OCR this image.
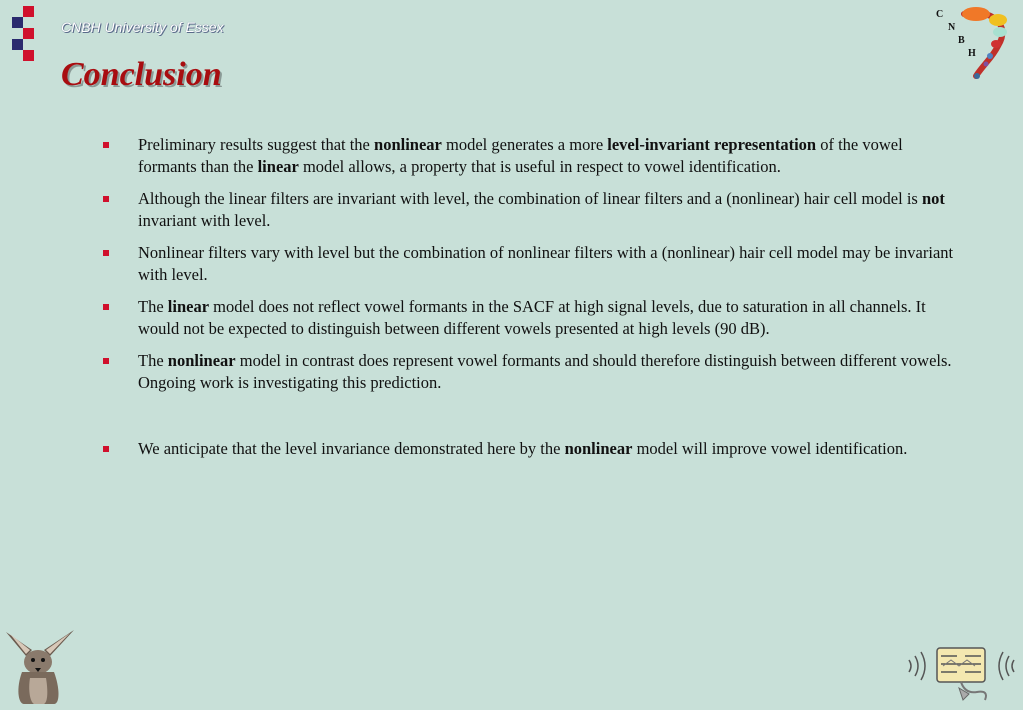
CNBH University of Essex
Conclusion
C
N
B
H
Preliminary results suggest that the nonlinear model generates a more level-invariant representation of the vowel formants than the linear model allows, a property that is useful in respect to vowel identification.
Although the linear filters are invariant with level, the combination of linear filters and a (nonlinear) hair cell model is not invariant with level.
Nonlinear filters vary with level but the combination of nonlinear filters with a (nonlinear) hair cell model may be invariant with level.
The linear model does not reflect vowel formants in the SACF at high signal levels, due to saturation in all channels. It would not be expected to distinguish between different vowels presented at high levels (90 dB).
The nonlinear model in contrast does represent vowel formants and should therefore distinguish between different vowels. Ongoing work is investigating this prediction.
We anticipate that the level invariance demonstrated here by the nonlinear model will improve vowel identification.
